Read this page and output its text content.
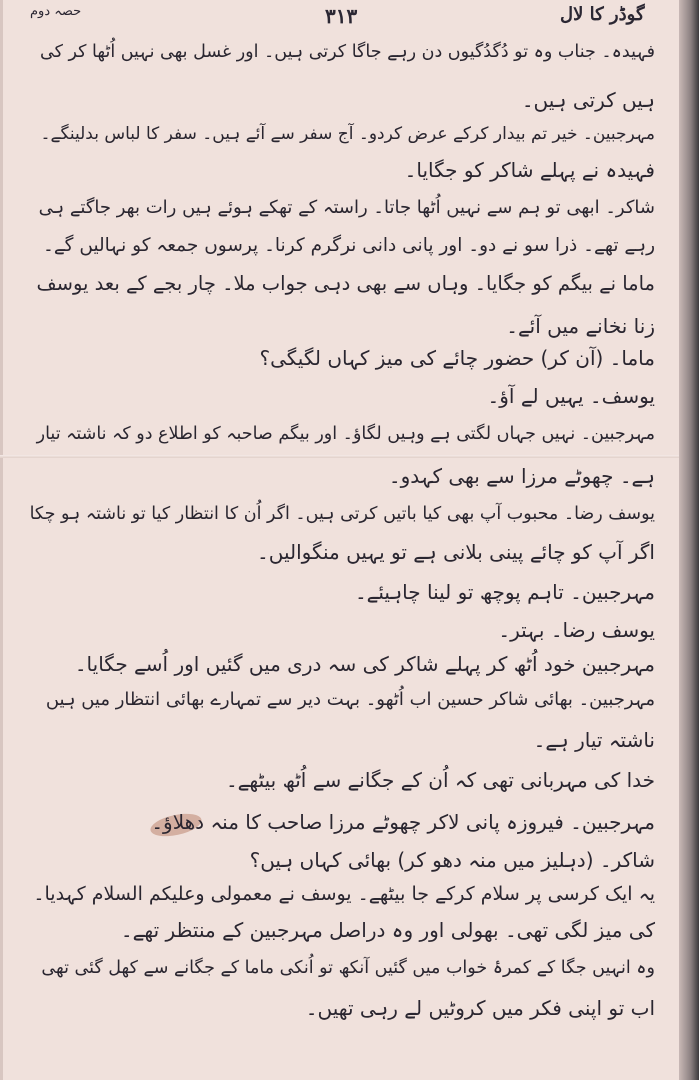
حصہ دوم	۳۱۳	گوڈر کا لال
فہیدہ۔ جناب وہ تو دُگدُگیوں دن رہے جاگا کرتی ہیں۔ اور غسل بھی نہیں اُٹھا کر کی
ہیں کرتی ہیں۔
مہرجبین۔ خیر تم بیدار کرکے عرض کردو۔ آج سفر سے آئے ہیں۔ سفر کا لباس بدلینگے۔
فہیدہ نے پہلے شاکر کو جگایا۔
شاکر۔ ابھی تو ہم سے نہیں اُٹھا جاتا۔ راستہ کے تھکے ہوئے ہیں رات بھر جاگتے ہی
رہے تھے۔ ذرا سو نے دو۔ اور پانی دانی نرگرم کرنا۔ پرسوں جمعہ کو نہالیں گے۔
ماما نے بیگم کو جگایا۔ وہاں سے بھی دہی جواب ملا۔ چار بجے کے بعد یوسف
زنا نخانے میں آئے۔
ماما۔ (آن کر) حضور چائے کی میز کہاں لگیگی؟
یوسف۔ یہیں لے آؤ۔
مہرجبین۔ نہیں جہاں لگتی ہے وہیں لگاؤ۔ اور بیگم صاحبہ کو اطلاع دو کہ ناشتہ تیار
ہے۔ چھوٹے مرزا سے بھی کہدو۔
یوسف رضا۔ محبوب آپ بھی کیا باتیں کرتی ہیں۔ اگر اُن کا انتظار کیا تو ناشتہ ہو چکا
اگر آپ کو چائے پینی بلانی ہے تو یہیں منگوالیں۔
مہرجبین۔ تاہم پوچھ تو لینا چاہیئے۔
یوسف رضا۔ بہتر۔
مہرجبین خود اُٹھ کر پہلے شاکر کی سہ دری میں گئیں اور اُسے جگایا۔
مہرجبین۔ بھائی شاکر حسین اب اُٹھو۔ بہت دیر سے تمہارے بھائی انتظار میں ہیں
ناشتہ تیار ہے۔
خدا کی مہربانی تھی کہ اُن کے جگانے سے اُٹھ بیٹھے۔
مہرجبین۔ فیروزہ پانی لاکر چھوٹے مرزا صاحب کا منہ دھلاؤ۔
شاکر۔ (دہلیز میں منہ دھو کر) بھائی کہاں ہیں؟
یہ ایک کرسی پر سلام کرکے جا بیٹھے۔ یوسف نے معمولی وعلیکم السلام کہدیا۔
کی میز لگی تھی۔ بھولی اور وہ دراصل مہرجبین کے منتظر تھے۔
وہ انہیں جگا کے کمرۂ خواب میں گئیں آنکھ تو اُنکی ماما کے جگانے سے کھل گئی تھی
اب تو اپنی فکر میں کروٹیں لے رہی تھیں۔
